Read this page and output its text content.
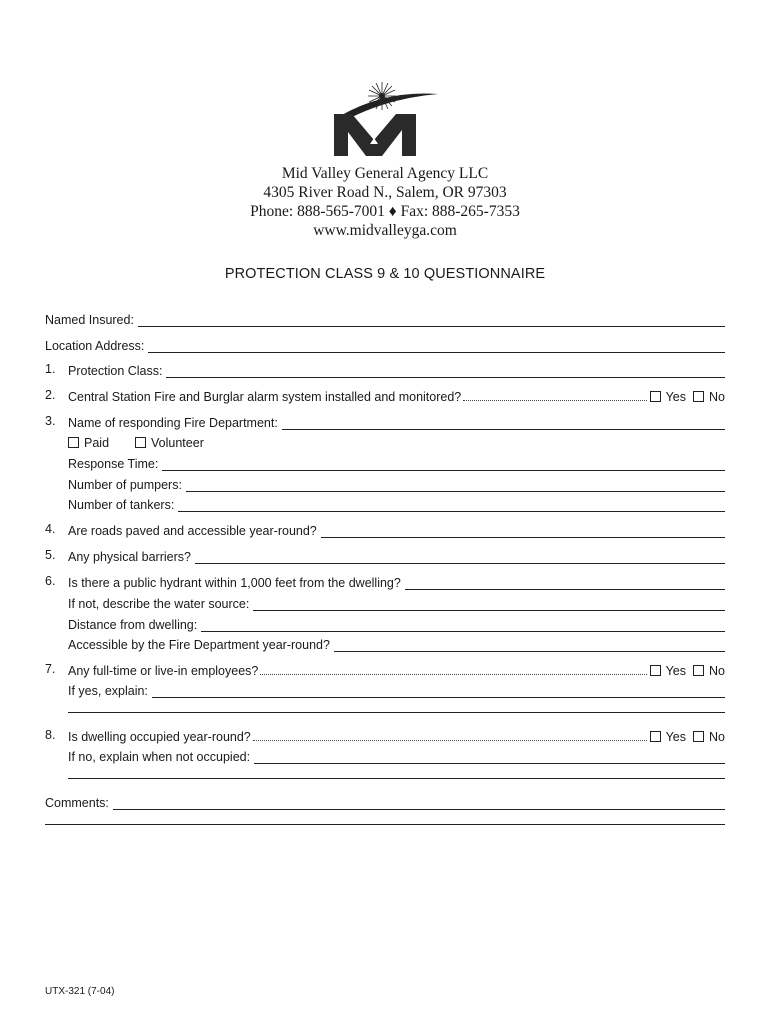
Mid Valley General Agency LLC
4305 River Road N., Salem, OR 97303
Phone: 888-565-7001 ♦ Fax: 888-265-7353
www.midvalleyga.com
PROTECTION CLASS 9 & 10 QUESTIONNAIRE
Named Insured:
Location Address:
1. Protection Class:
2. Central Station Fire and Burglar alarm system installed and monitored?	Yes No
3. Name of responding Fire Department:
Paid	Volunteer
Response Time:
Number of pumpers:
Number of tankers:
4. Are roads paved and accessible year-round?
5. Any physical barriers?
6. Is there a public hydrant within 1,000 feet from the dwelling?
If not, describe the water source:
Distance from dwelling:
Accessible by the Fire Department year-round?
7. Any full-time or live-in employees?	Yes No
If yes, explain:
8. Is dwelling occupied year-round?	Yes No
If no, explain when not occupied:
Comments:
UTX-321 (7-04)
